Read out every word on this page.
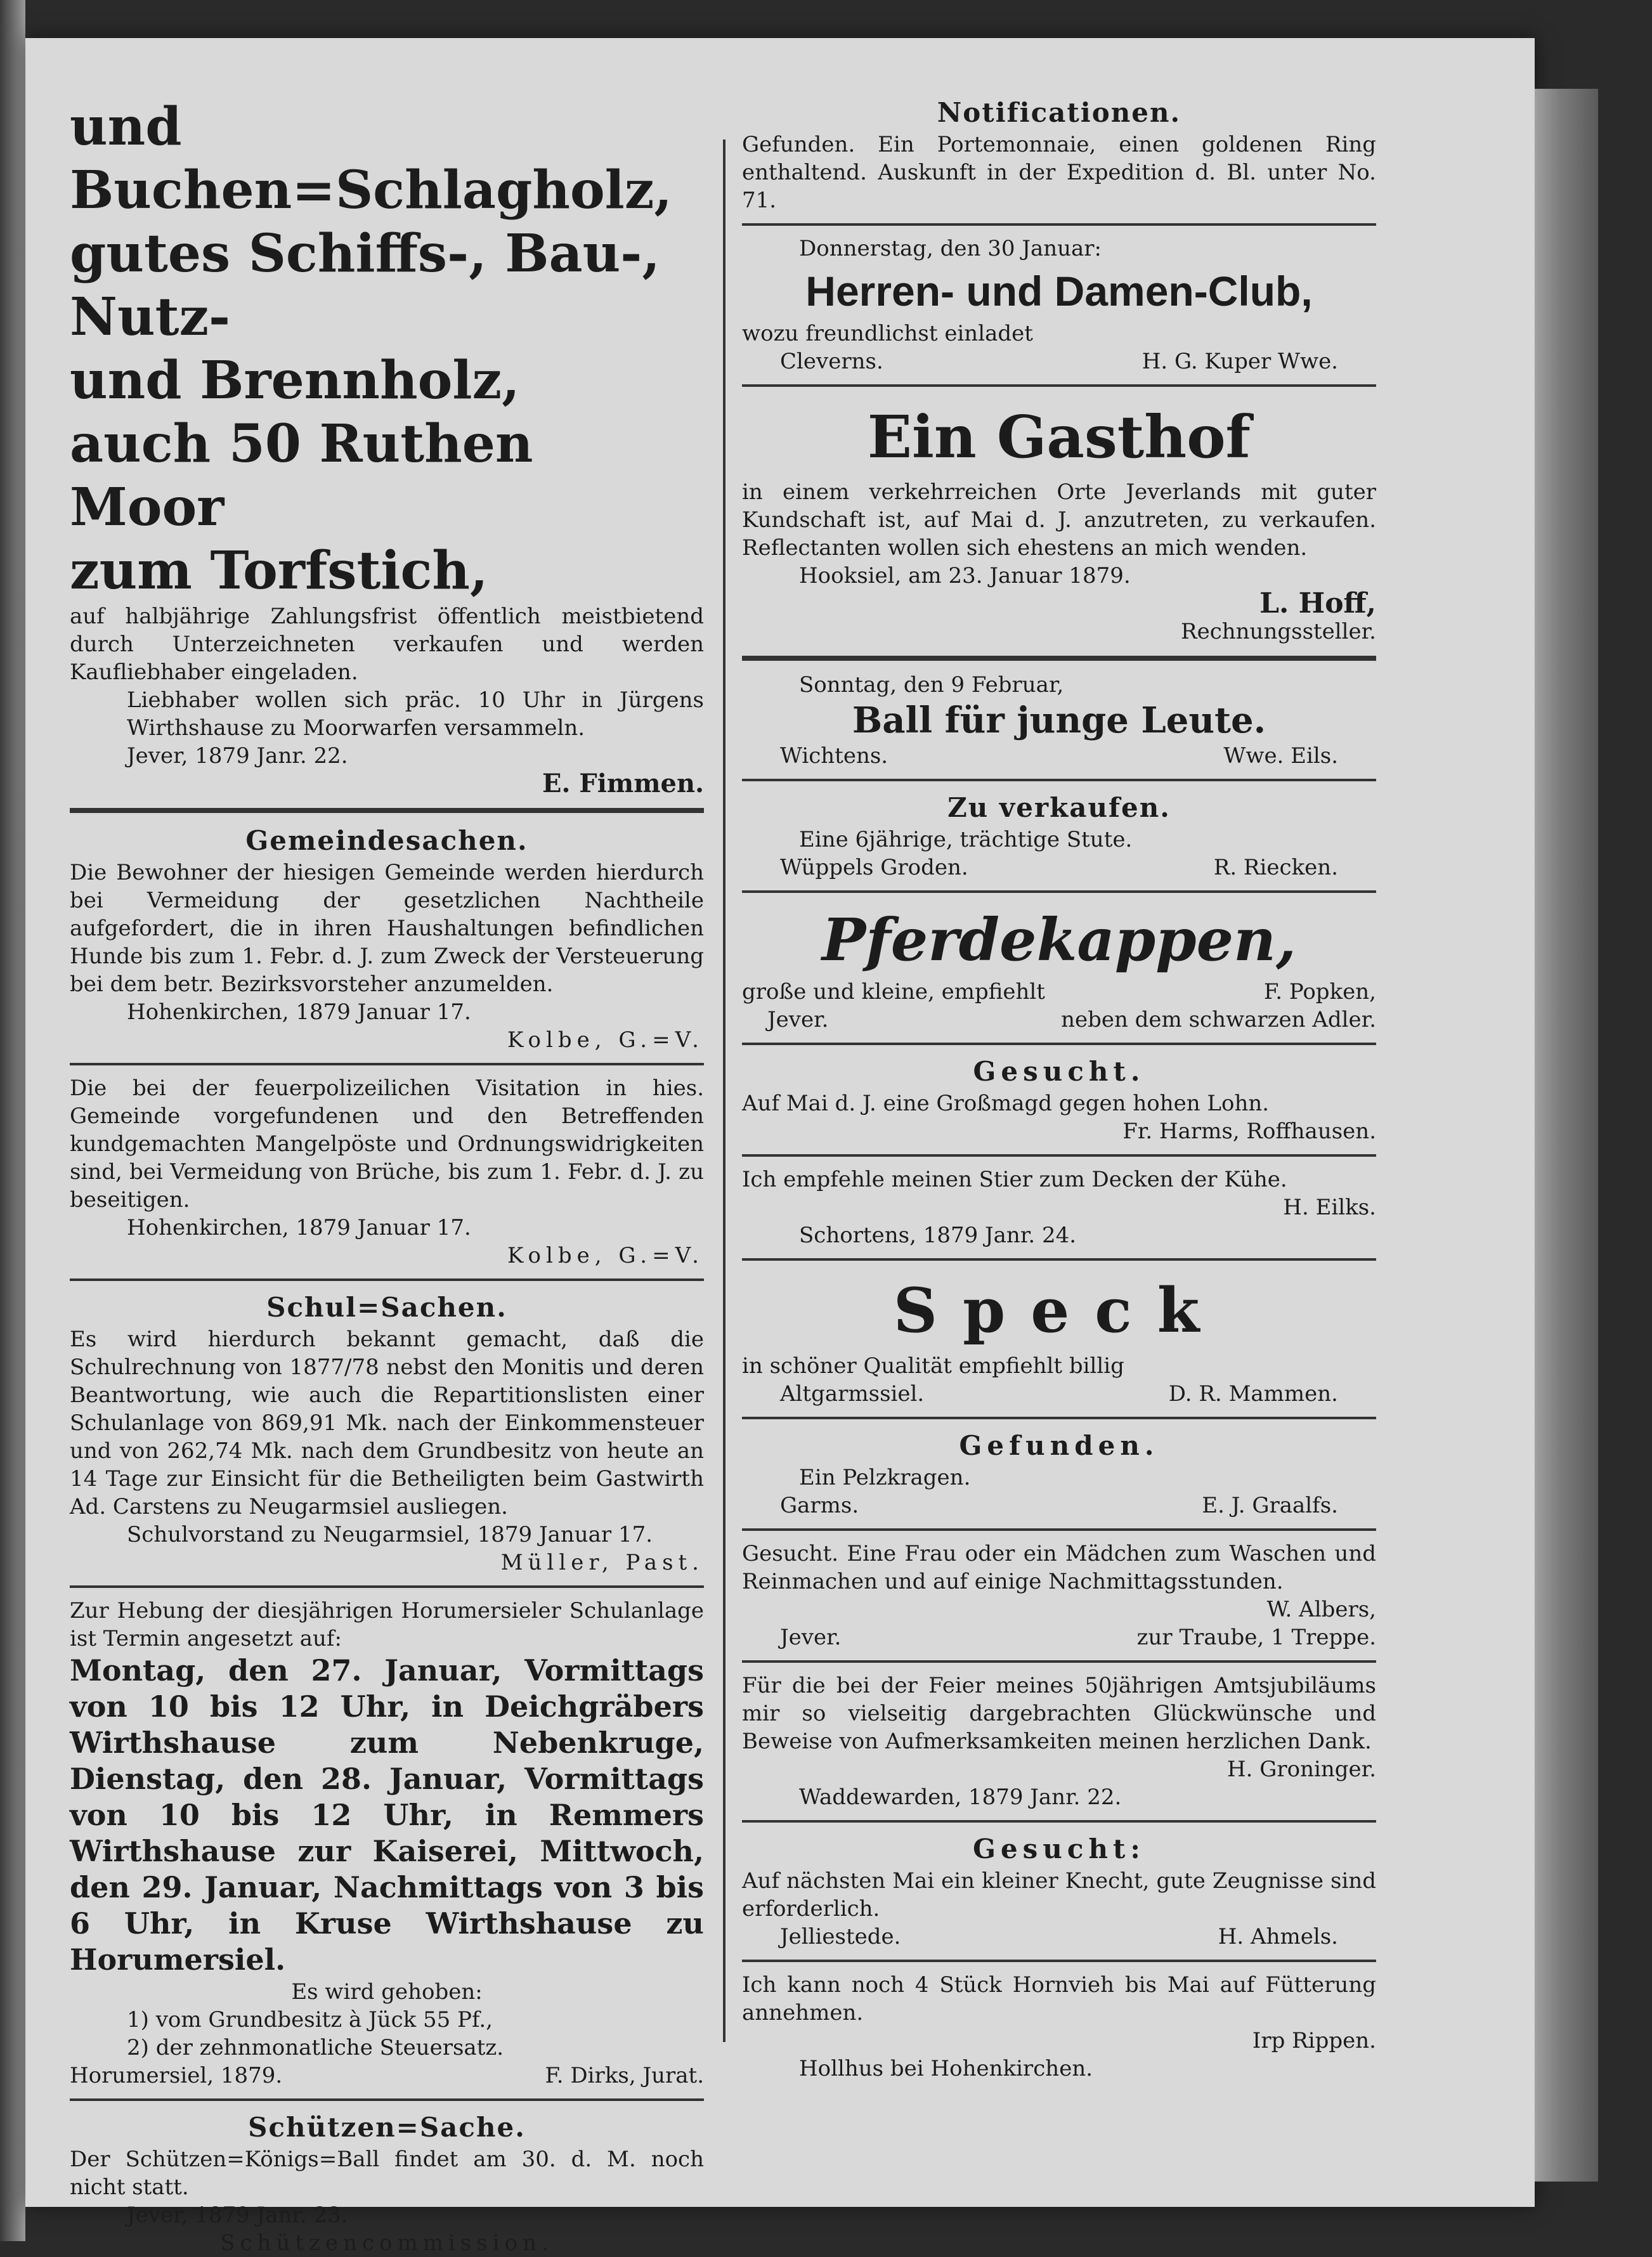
und Buchen=Schlagholz,

gutes Schiffs-, Bau-, Nutz-

und Brennholz,

auch 50 Ruthen Moor

zum Torfstich,

auf halbjährige Zahlungsfrist öffentlich meistbietend durch Unterzeichneten verkaufen und werden Kaufliebhaber eingeladen.

Liebhaber wollen sich präc. 10 Uhr in Jürgens Wirthshause zu Moorwarfen versammeln.

Jever, 1879 Janr. 22.

E. Fimmen.

Gemeindesachen.

Die Bewohner der hiesigen Gemeinde werden hierdurch bei Vermeidung der gesetzlichen Nachtheile aufgefordert, die in ihren Haushaltungen befindlichen Hunde bis zum 1. Febr. d. J. zum Zweck der Versteuerung bei dem betr. Bezirksvorsteher anzumelden.

Hohenkirchen, 1879 Januar 17.

Kolbe, G.=V.

Die bei der feuerpolizeilichen Visitation in hies. Gemeinde vorgefundenen und den Betreffenden kundgemachten Mangelpöste und Ordnungswidrigkeiten sind, bei Vermeidung von Brüche, bis zum 1. Febr. d. J. zu beseitigen.

Hohenkirchen, 1879 Januar 17.

Kolbe, G.=V.

Schul=Sachen.

Es wird hierdurch bekannt gemacht, daß die Schulrechnung von 1877/78 nebst den Monitis und deren Beantwortung, wie auch die Repartitionslisten einer Schulanlage von 869,91 Mk. nach der Einkommensteuer und von 262,74 Mk. nach dem Grundbesitz von heute an 14 Tage zur Einsicht für die Betheiligten beim Gastwirth Ad. Carstens zu Neugarmsiel ausliegen.

Schulvorstand zu Neugarmsiel, 1879 Januar 17.

Müller, Past.

Zur Hebung der diesjährigen Horumersieler Schulanlage ist Termin angesetzt auf:

Montag, den 27. Januar, Vormittags von 10 bis 12 Uhr, in Deichgräbers Wirthshause zum Nebenkruge, Dienstag, den 28. Januar, Vormittags von 10 bis 12 Uhr, in Remmers Wirthshause zur Kaiserei, Mittwoch, den 29. Januar, Nachmittags von 3 bis 6 Uhr, in Kruse Wirthshause zu Horumersiel.

Es wird gehoben:

1) vom Grundbesitz à Jück 55 Pf.,

2) der zehnmonatliche Steuersatz.

Horumersiel, 1879.	F. Dirks, Jurat.

Schützen=Sache.

Der Schützen=Königs=Ball findet am 30. d. M. noch nicht statt.

Jever, 1879 Janr. 23.

Schützencommission.

Notificationen.

Gefunden. Ein Portemonnaie, einen goldenen Ring enthaltend. Auskunft in der Expedition d. Bl. unter No. 71.

Donnerstag, den 30 Januar:

Herren- und Damen-Club,

wozu freundlichst einladet

Cleverns.	H. G. Kuper Wwe.

Ein Gasthof

in einem verkehrreichen Orte Jeverlands mit guter Kundschaft ist, auf Mai d. J. anzutreten, zu verkaufen. Reflectanten wollen sich ehestens an mich wenden.

Hooksiel, am 23. Januar 1879.

L. Hoff,

Rechnungssteller.

Sonntag, den 9 Februar,

Ball für junge Leute.

Wichtens.	Wwe. Eils.

Zu verkaufen.

Eine 6jährige, trächtige Stute.

Wüppels Groden.	R. Riecken.

Pferdekappen,

große und kleine, empfiehlt	F. Popken,
Jever.	neben dem schwarzen Adler.

Gesucht.

Auf Mai d. J. eine Großmagd gegen hohen Lohn.

Fr. Harms, Roffhausen.

Ich empfehle meinen Stier zum Decken der Kühe.

H. Eilks.

Schortens, 1879 Janr. 24.

Speck

in schöner Qualität empfiehlt billig

Altgarmssiel.	D. R. Mammen.

Gefunden.

Ein Pelzkragen.

Garms.	E. J. Graalfs.

Gesucht. Eine Frau oder ein Mädchen zum Waschen und Reinmachen und auf einige Nachmittagsstunden.

W. Albers,

Jever.	zur Traube, 1 Treppe.

Für die bei der Feier meines 50jährigen Amtsjubiläums mir so vielseitig dargebrachten Glückwünsche und Beweise von Aufmerksamkeiten meinen herzlichen Dank.

H. Groninger.

Waddewarden, 1879 Janr. 22.

Gesucht:

Auf nächsten Mai ein kleiner Knecht, gute Zeugnisse sind erforderlich.

Jelliestede.	H. Ahmels.

Ich kann noch 4 Stück Hornvieh bis Mai auf Fütterung annehmen.

Irp Rippen.

Hollhus bei Hohenkirchen.
